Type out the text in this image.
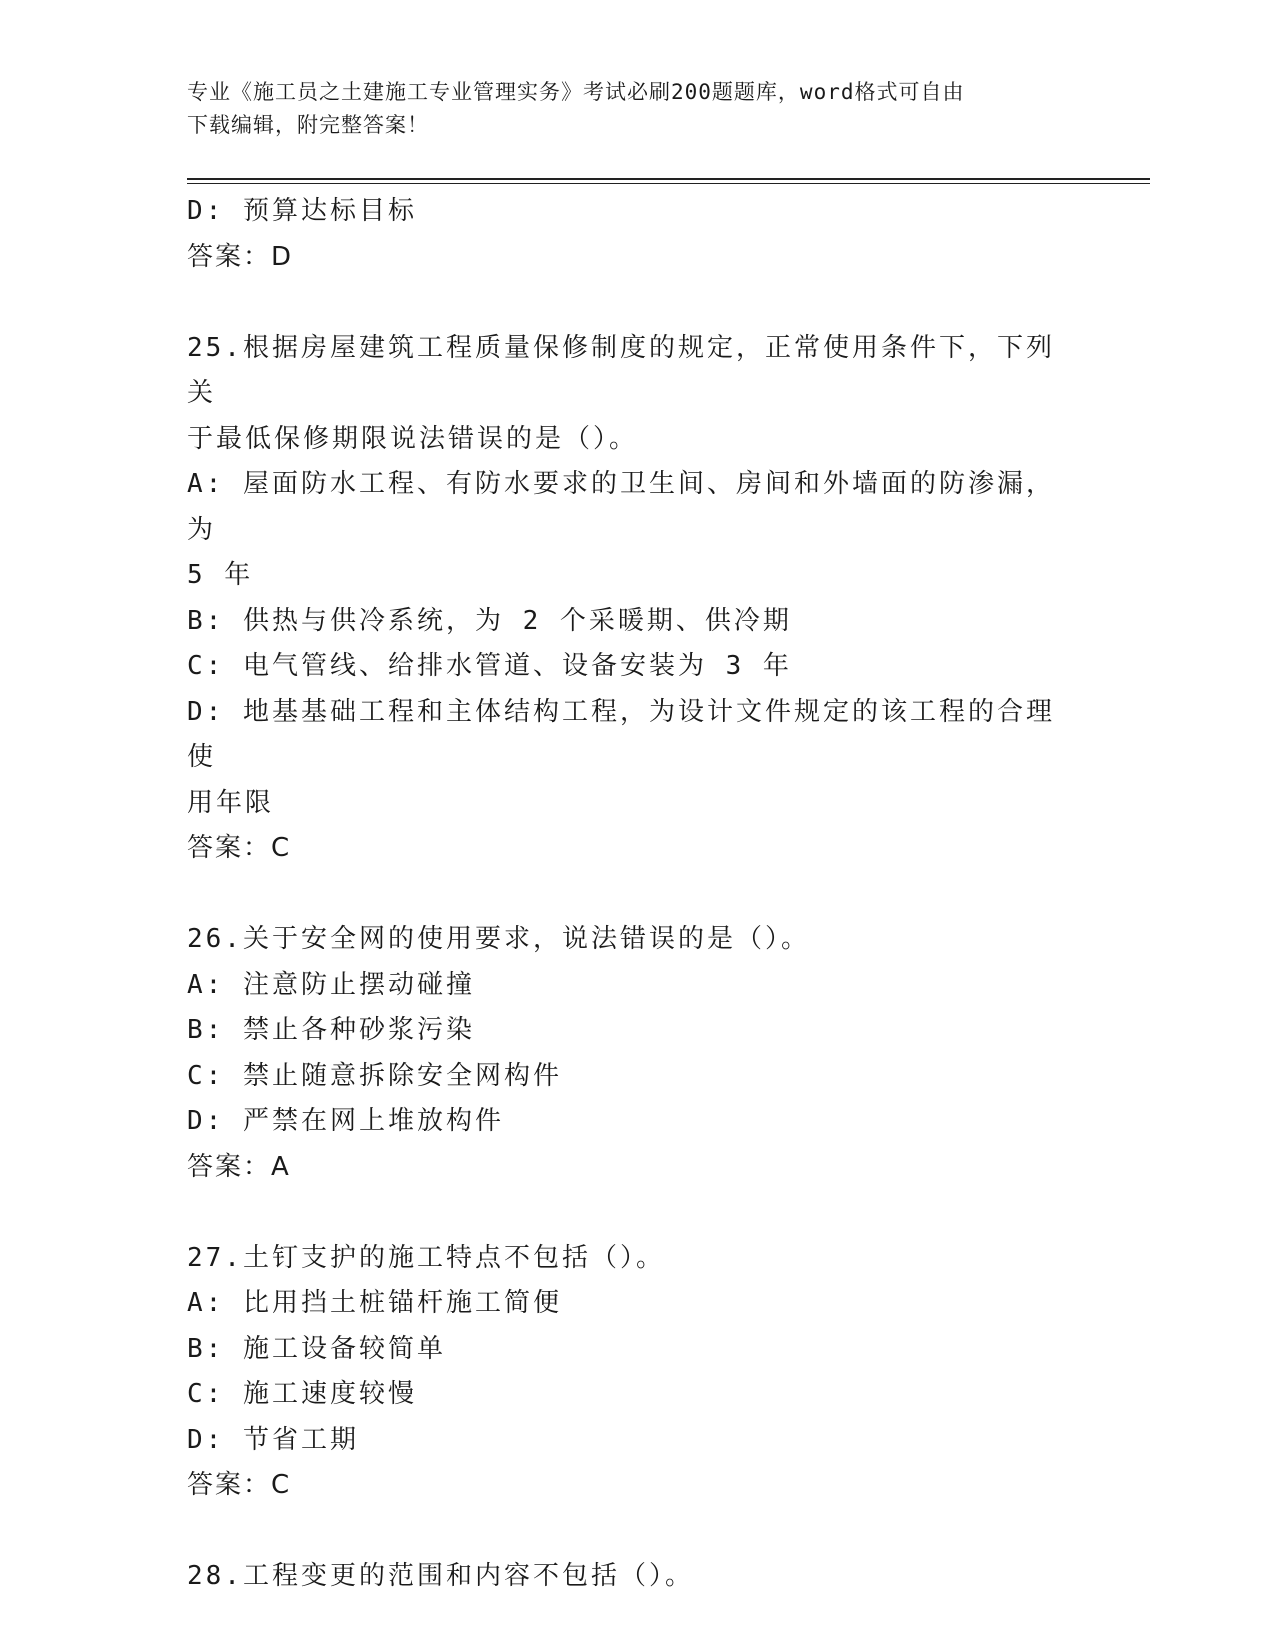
专业《施工员之土建施工专业管理实务》考试必刷200题题库，word格式可自由
下载编辑，附完整答案！

D: 预算达标目标

答案：D

25.根据房屋建筑工程质量保修制度的规定，正常使用条件下，下列关

于最低保修期限说法错误的是（）。

A: 屋面防水工程、有防水要求的卫生间、房间和外墙面的防渗漏，为

5 年

B: 供热与供冷系统，为 2 个采暖期、供冷期

C: 电气管线、给排水管道、设备安装为 3 年

D: 地基基础工程和主体结构工程，为设计文件规定的该工程的合理使

用年限

答案：C

26.关于安全网的使用要求，说法错误的是（）。

A: 注意防止摆动碰撞

B: 禁止各种砂浆污染

C: 禁止随意拆除安全网构件

D: 严禁在网上堆放构件

答案：A

27.土钉支护的施工特点不包括（）。

A: 比用挡土桩锚杆施工简便

B: 施工设备较简单

C: 施工速度较慢

D: 节省工期

答案：C

28.工程变更的范围和内容不包括（）。
